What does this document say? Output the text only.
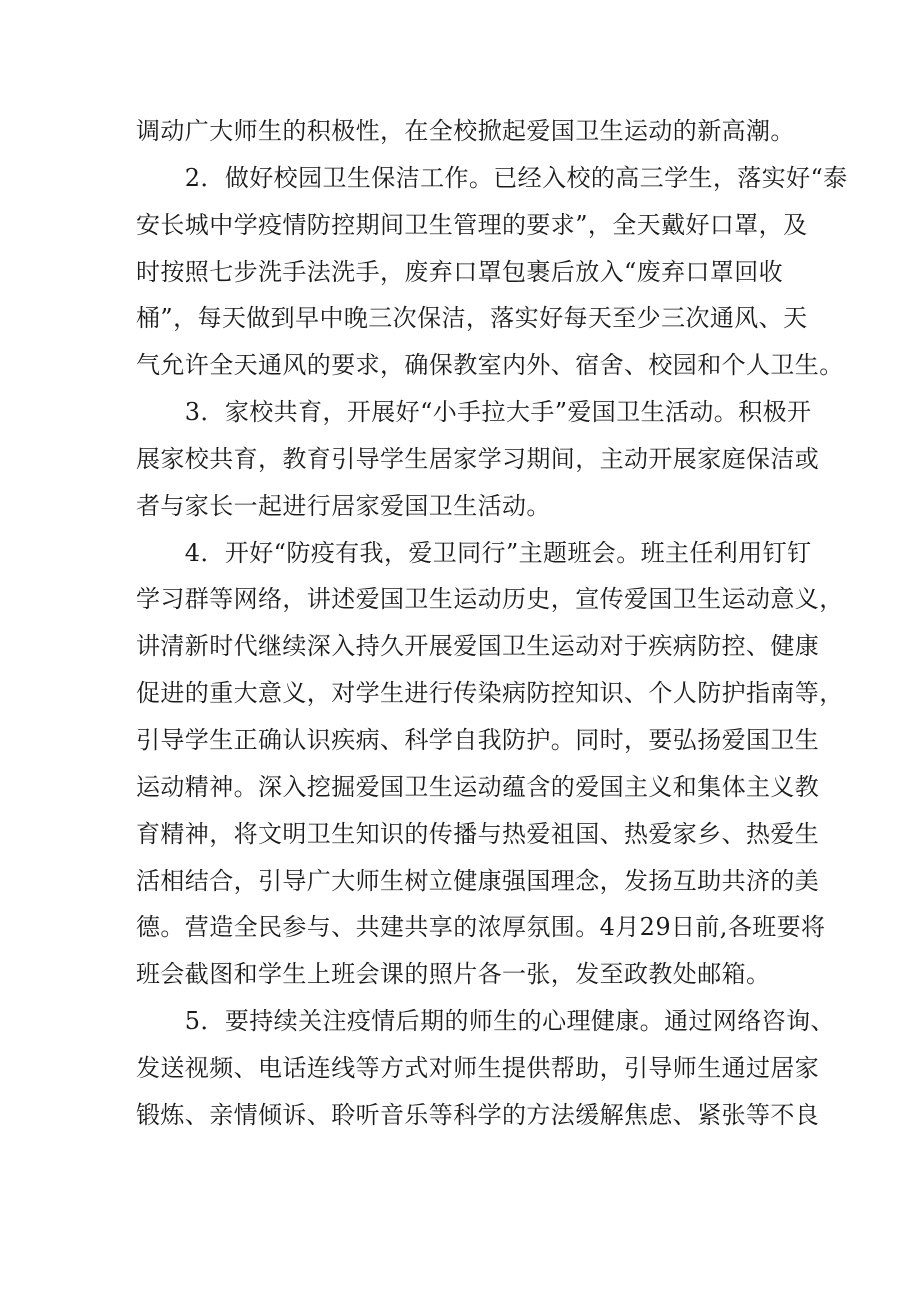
调动广大师生的积极性，在全校掀起爱国卫生运动的新高潮。
　　2．做好校园卫生保洁工作。已经入校的高三学生，落实好“泰
安长城中学疫情防控期间卫生管理的要求”，全天戴好口罩，及
时按照七步洗手法洗手，废弃口罩包裹后放入“废弃口罩回收
桶”，每天做到早中晚三次保洁，落实好每天至少三次通风、天
气允许全天通风的要求，确保教室内外、宿舍、校园和个人卫生。
　　3．家校共育，开展好“小手拉大手”爱国卫生活动。积极开
展家校共育，教育引导学生居家学习期间，主动开展家庭保洁或
者与家长一起进行居家爱国卫生活动。
　　4．开好“防疫有我，爱卫同行”主题班会。班主任利用钉钉
学习群等网络，讲述爱国卫生运动历史，宣传爱国卫生运动意义，
讲清新时代继续深入持久开展爱国卫生运动对于疾病防控、健康
促进的重大意义，对学生进行传染病防控知识、个人防护指南等，
引导学生正确认识疾病、科学自我防护。同时，要弘扬爱国卫生
运动精神。深入挖掘爱国卫生运动蕴含的爱国主义和集体主义教
育精神，将文明卫生知识的传播与热爱祖国、热爱家乡、热爱生
活相结合，引导广大师生树立健康强国理念，发扬互助共济的美
德。营造全民参与、共建共享的浓厚氛围。4月29日前,各班要将
班会截图和学生上班会课的照片各一张，发至政教处邮箱。
　　5．要持续关注疫情后期的师生的心理健康。通过网络咨询、
发送视频、电话连线等方式对师生提供帮助，引导师生通过居家
锻炼、亲情倾诉、聆听音乐等科学的方法缓解焦虑、紧张等不良
